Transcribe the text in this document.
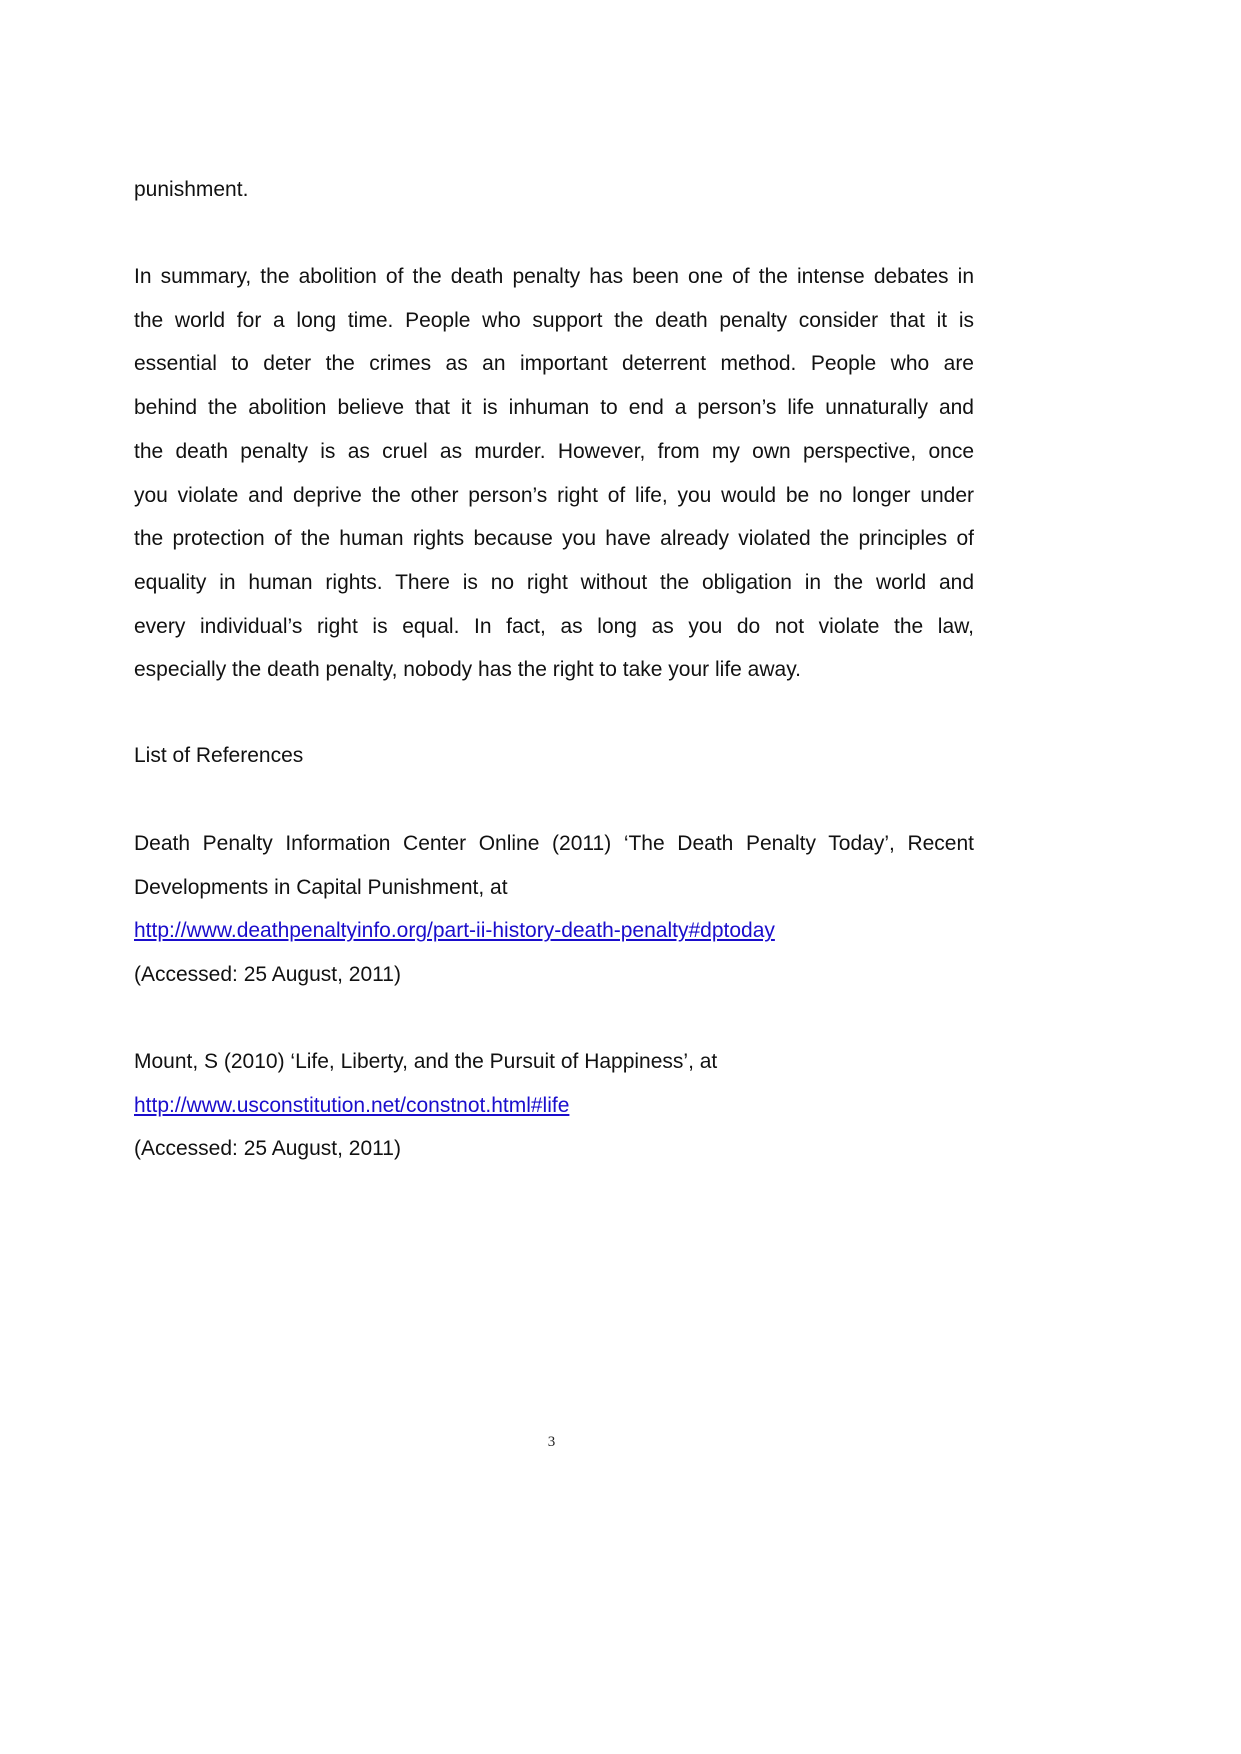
punishment.

In summary, the abolition of the death penalty has been one of the intense debates in
the world for a long time. People who support the death penalty consider that it is
essential to deter the crimes as an important deterrent method. People who are
behind the abolition believe that it is inhuman to end a person’s life unnaturally and
the death penalty is as cruel as murder. However, from my own perspective, once
you violate and deprive the other person’s right of life, you would be no longer under
the protection of the human rights because you have already violated the principles of
equality in human rights. There is no right without the obligation in the world and
every individual’s right is equal. In fact, as long as you do not violate the law,
especially the death penalty, nobody has the right to take your life away.

List of References

Death Penalty Information Center Online (2011) ‘The Death Penalty Today’, Recent
Developments in Capital Punishment, at
http://www.deathpenaltyinfo.org/part-ii-history-death-penalty#dptoday
(Accessed: 25 August, 2011)

Mount, S (2010) ‘Life, Liberty, and the Pursuit of Happiness’, at
http://www.usconstitution.net/constnot.html#life
(Accessed: 25 August, 2011)

3
